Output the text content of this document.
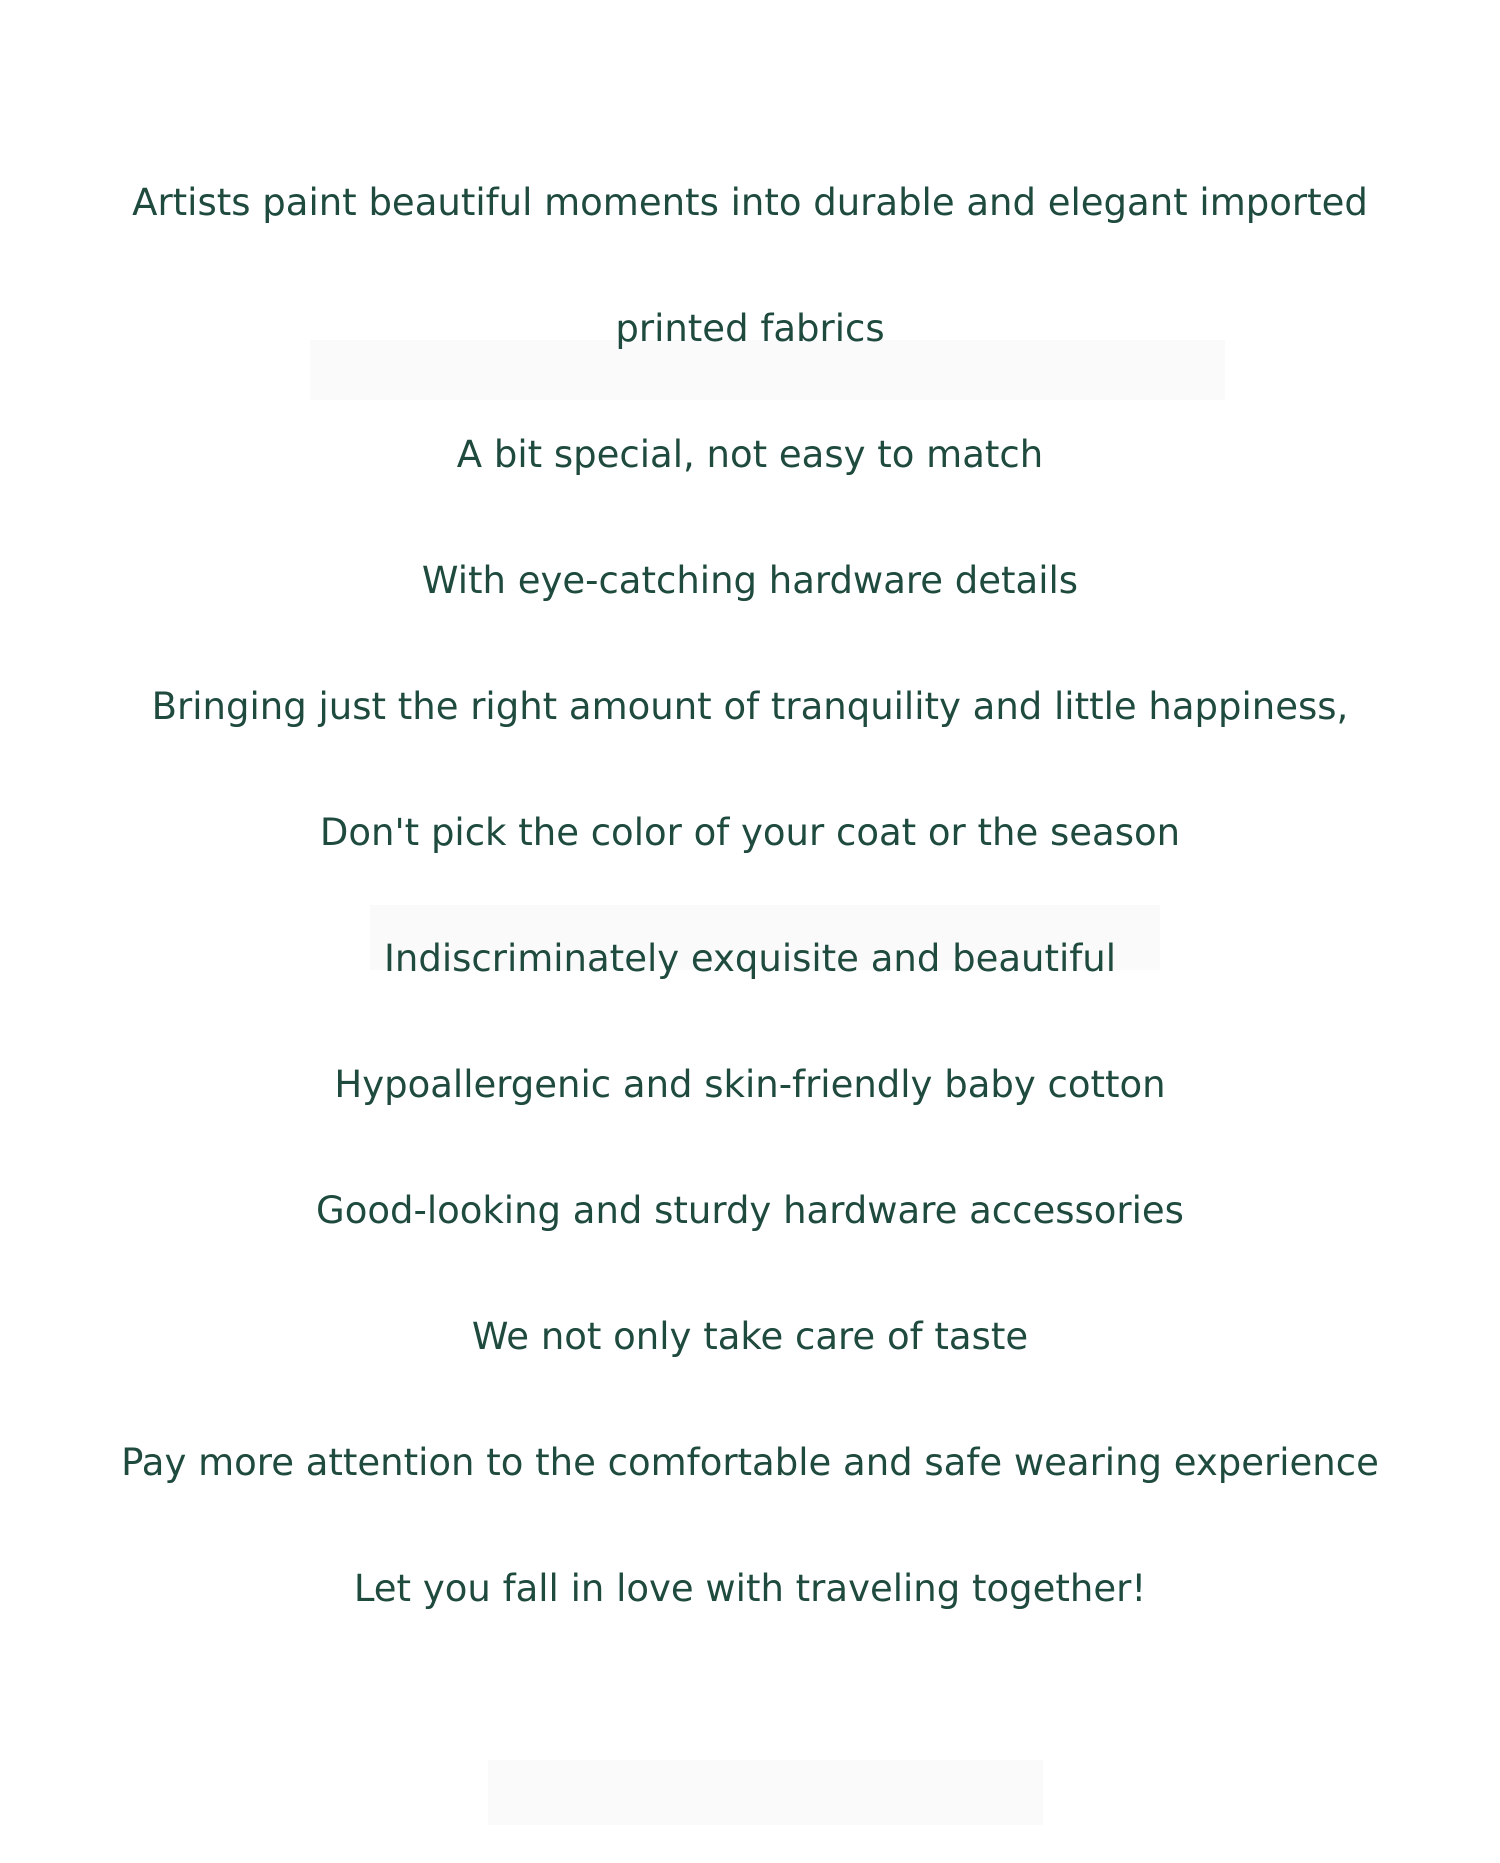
Artists paint beautiful moments into durable and elegant imported

printed fabrics

A bit special, not easy to match

With eye-catching hardware details

Bringing just the right amount of tranquility and little happiness,

Don't pick the color of your coat or the season

Indiscriminately exquisite and beautiful

Hypoallergenic and skin-friendly baby cotton

Good-looking and sturdy hardware accessories

We not only take care of taste

Pay more attention to the comfortable and safe wearing experience

Let you fall in love with traveling together!
